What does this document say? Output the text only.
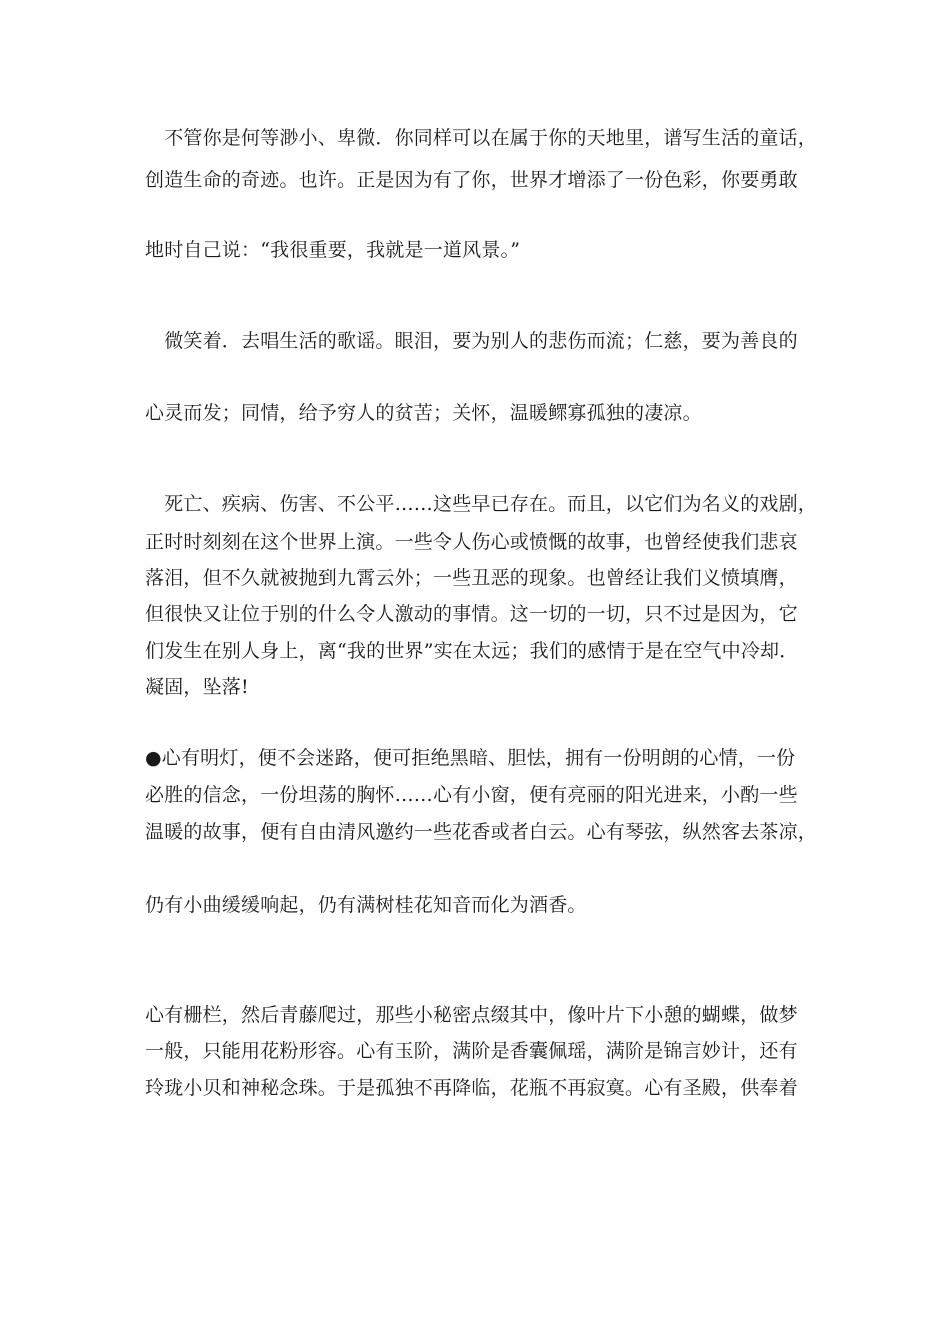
　不管你是何等渺小、卑微．你同样可以在属于你的天地里，谱写生活的童话，
创造生命的奇迹。也许。正是因为有了你，世界才增添了一份色彩，你要勇敢
地时自己说：“我很重要，我就是一道风景。”
　微笑着．去唱生活的歌谣。眼泪，要为别人的悲伤而流；仁慈，要为善良的
心灵而发；同情，给予穷人的贫苦；关怀，温暖鳏寡孤独的凄凉。
　死亡、疾病、伤害、不公平……这些早已存在。而且，以它们为名义的戏剧，
正时时刻刻在这个世界上演。一些令人伤心或愤慨的故事，也曾经使我们悲哀
落泪，但不久就被抛到九霄云外；一些丑恶的现象。也曾经让我们义愤填膺，
但很快又让位于别的什么令人激动的事情。这一切的一切，只不过是因为，它
们发生在别人身上，离“我的世界”实在太远；我们的感情于是在空气中冷却．
凝固，坠落!
●心有明灯，便不会迷路，便可拒绝黑暗、胆怯，拥有一份明朗的心情，一份
必胜的信念，一份坦荡的胸怀……心有小窗，便有亮丽的阳光进来，小酌一些
温暖的故事，便有自由清风邀约一些花香或者白云。心有琴弦，纵然客去茶凉，
仍有小曲缓缓响起，仍有满树桂花知音而化为酒香。
心有栅栏，然后青藤爬过，那些小秘密点缀其中，像叶片下小憩的蝴蝶，做梦
一般，只能用花粉形容。心有玉阶，满阶是香囊佩瑶，满阶是锦言妙计，还有
玲珑小贝和神秘念珠。于是孤独不再降临，花瓶不再寂寞。心有圣殿，供奉着
